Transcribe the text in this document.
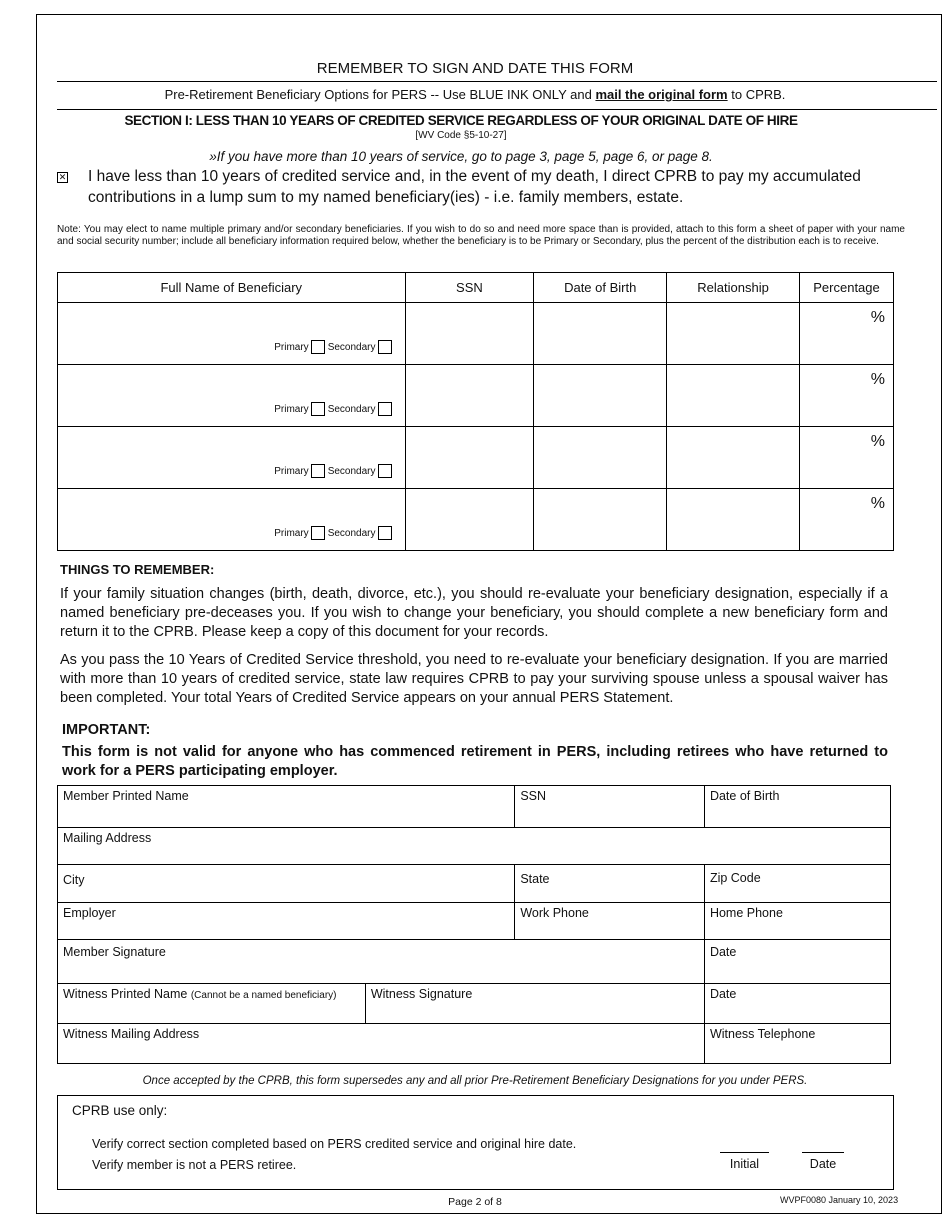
REMEMBER TO SIGN AND DATE THIS FORM
Pre-Retirement Beneficiary Options for PERS -- Use BLUE INK ONLY and mail the original form to CPRB.
SECTION I: LESS THAN 10 YEARS OF CREDITED SERVICE REGARDLESS OF YOUR ORIGINAL DATE OF HIRE
[WV Code §5-10-27]
»If you have more than 10 years of service, go to page 3, page 5, page 6, or page 8.
✕ I have less than 10 years of credited service and, in the event of my death, I direct CPRB to pay my accumulated contributions in a lump sum to my named beneficiary(ies) - i.e. family members, estate.
Note: You may elect to name multiple primary and/or secondary beneficiaries. If you wish to do so and need more space than is provided, attach to this form a sheet of paper with your name and social security number; include all beneficiary information required below, whether the beneficiary is to be Primary or Secondary, plus the percent of the distribution each is to receive.
Full Name of Beneficiary	SSN	Date of Birth	Relationship	Percentage

Primary Secondary				%

Primary Secondary				%

Primary Secondary				%

Primary Secondary				%
THINGS TO REMEMBER:
If your family situation changes (birth, death, divorce, etc.), you should re-evaluate your beneficiary designation, especially if a named beneficiary pre-deceases you. If you wish to change your beneficiary, you should complete a new beneficiary form and return it to the CPRB. Please keep a copy of this document for your records.
As you pass the 10 Years of Credited Service threshold, you need to re-evaluate your beneficiary designation. If you are married with more than 10 years of credited service, state law requires CPRB to pay your surviving spouse unless a spousal waiver has been completed. Your total Years of Credited Service appears on your annual PERS Statement.
IMPORTANT:
This form is not valid for anyone who has commenced retirement in PERS, including retirees who have returned to work for a PERS participating employer.
Member Printed Name		SSN	Date of Birth
Mailing Address			
City		State	Zip Code
Employer		Work Phone	Home Phone
Member Signature			Date
Witness Printed Name (Cannot be a named beneficiary)	Witness Signature		Date
Witness Mailing Address			Witness Telephone
Once accepted by the CPRB, this form supersedes any and all prior Pre-Retirement Beneficiary Designations for you under PERS.
CPRB use only:
Verify correct section completed based on PERS credited service and original hire date.
Verify member is not a PERS retiree.	Initial	Date
Page 2 of 8	WVPF0080 January 10, 2023
